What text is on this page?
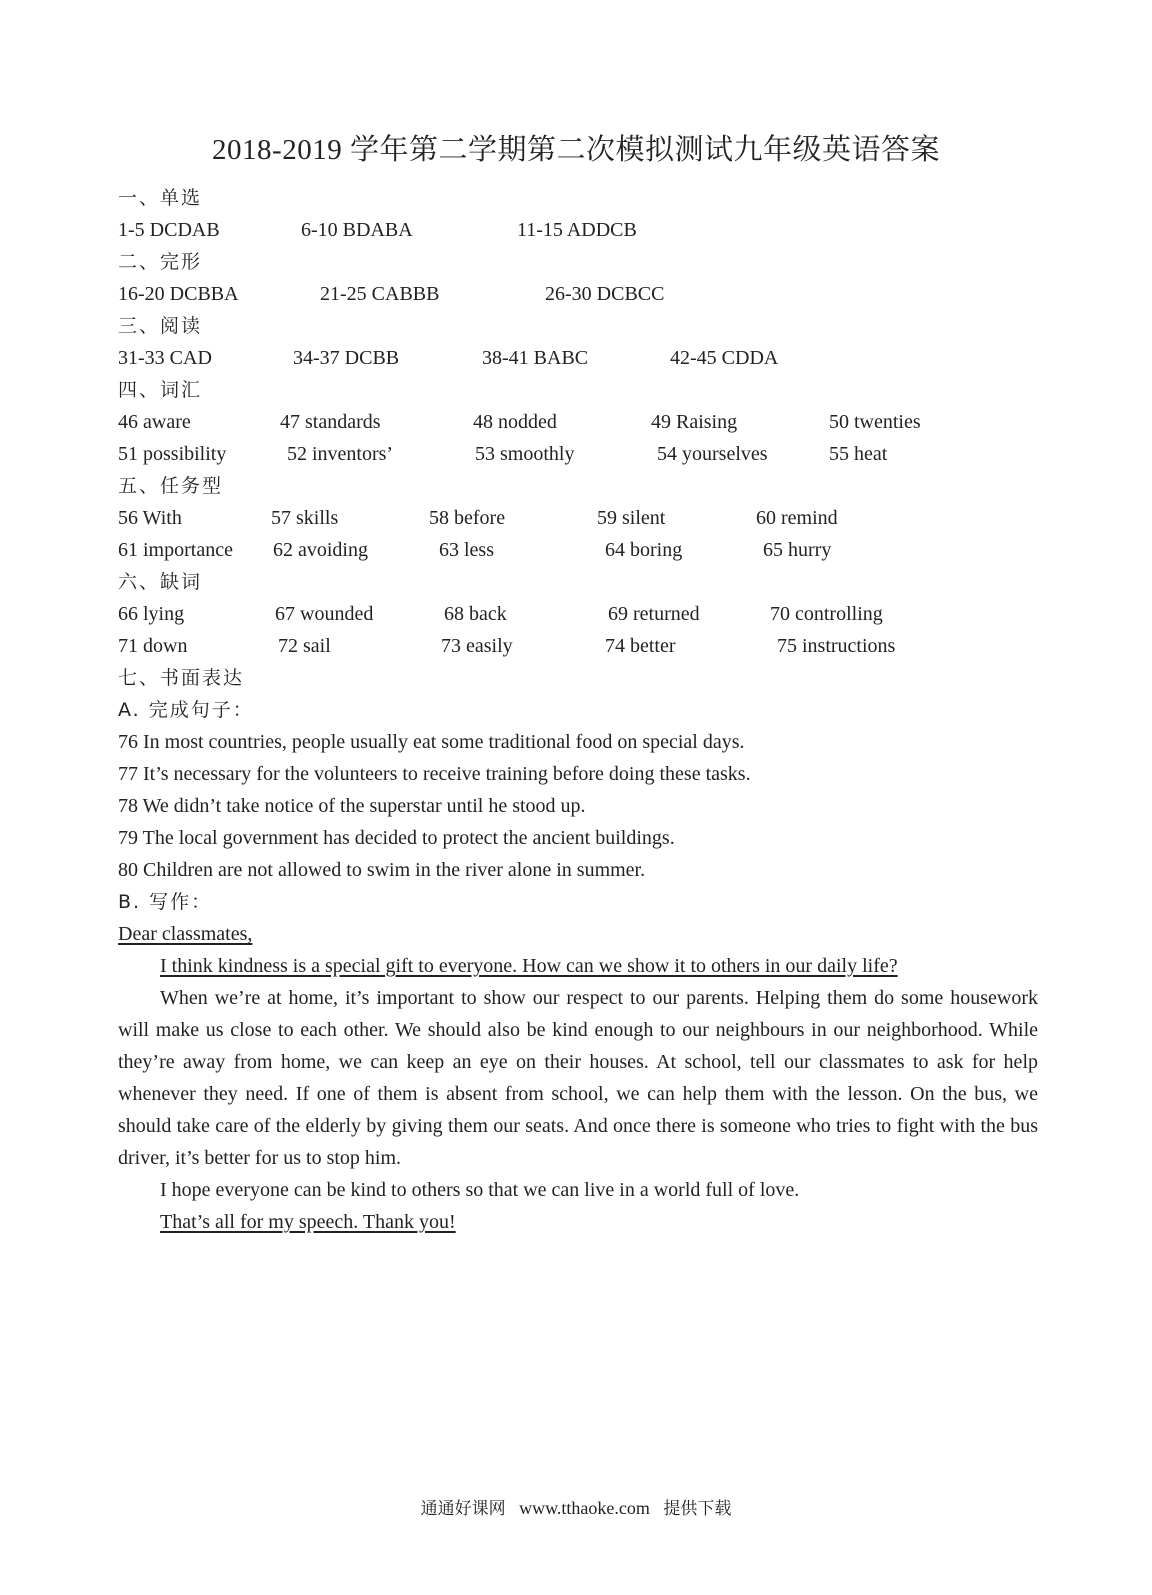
2018-2019 学年第二学期第二次模拟测试九年级英语答案
一、单选
1-5 DCDAB	6-10 BDABA	11-15 ADDCB
二、完形
16-20 DCBBA	21-25 CABBB	26-30 DCBCC
三、阅读
31-33 CAD	34-37 DCBB	38-41 BABC	42-45 CDDA
四、词汇
46 aware	47 standards	48 nodded	49 Raising	50 twenties
51 possibility	52 inventors’	53 smoothly	54 yourselves	55 heat
五、任务型
56 With	57 skills	58 before	59 silent	60 remind
61 importance 62 avoiding	63 less	64 boring	65 hurry
六、缺词
66 lying	67 wounded	68 back	69 returned	70 controlling
71 down	72 sail	73 easily	74 better	75 instructions
七、书面表达
A. 完成句子：
76 In most countries, people usually eat some traditional food on special days.
77 It’s necessary for the volunteers to receive training before doing these tasks.
78 We didn’t take notice of the superstar until he stood up.
79 The local government has decided to protect the ancient buildings.
80 Children are not allowed to swim in the river alone in summer.
B. 写作：
Dear classmates,
I think kindness is a special gift to everyone. How can we show it to others in our daily life?
When we’re at home, it’s important to show our respect to our parents. Helping them do some housework will make us close to each other. We should also be kind enough to our neighbours in our neighborhood. While they’re away from home, we can keep an eye on their houses. At school, tell our classmates to ask for help whenever they need. If one of them is absent from school, we can help them with the lesson. On the bus, we should take care of the elderly by giving them our seats. And once there is someone who tries to fight with the bus driver, it’s better for us to stop him.
I hope everyone can be kind to others so that we can live in a world full of love.
That’s all for my speech. Thank you!
通通好课网 www.tthaoke.com 提供下载
